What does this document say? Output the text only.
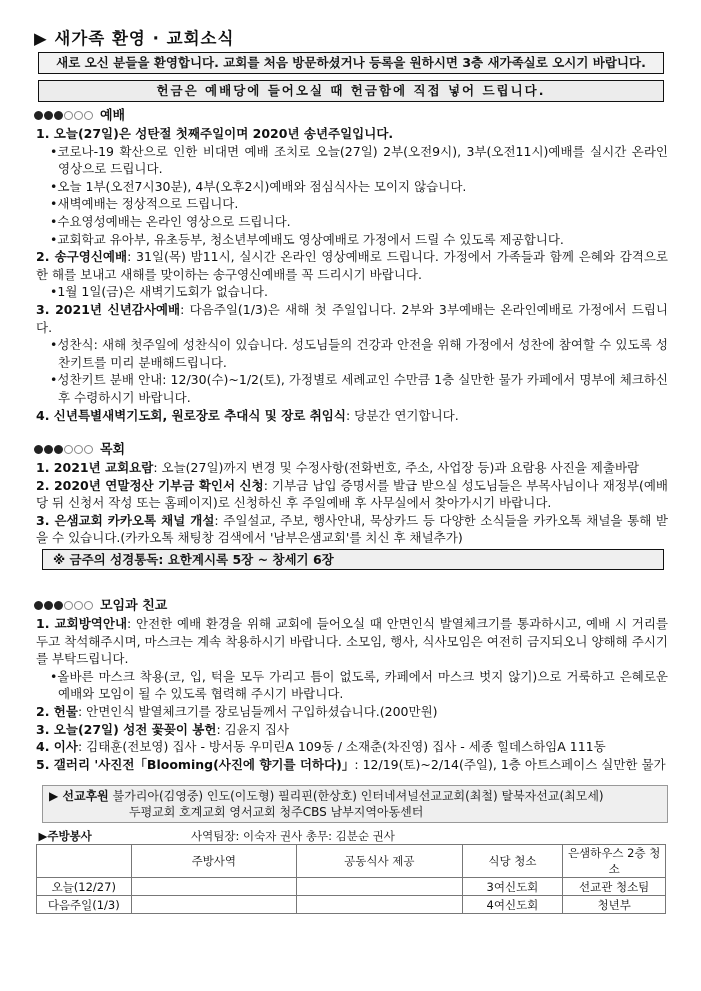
▶ 새가족 환영 · 교회소식
새로 오신 분들을 환영합니다. 교회를 처음 방문하셨거나 등록을 원하시면 3층 새가족실로 오시기 바랍니다.
헌금은 예배당에 들어오실 때 헌금함에 직접 넣어 드립니다.
예배
1. 오늘(27일)은 성탄절 첫째주일이며 2020년 송년주일입니다.
•코로나-19 확산으로 인한 비대면 예배 조치로 오늘(27일) 2부(오전9시), 3부(오전11시)예배를 실시간 온라인 영상으로 드립니다.
•오늘 1부(오전7시30분), 4부(오후2시)예배와 점심식사는 모이지 않습니다.
•새벽예배는 정상적으로 드립니다.
•수요영성예배는 온라인 영상으로 드립니다.
•교회학교 유아부, 유초등부, 청소년부예배도 영상예배로 가정에서 드릴 수 있도록 제공합니다.
2. 송구영신예배: 31일(목) 밤11시, 실시간 온라인 영상예배로 드립니다. 가정에서 가족들과 함께 은혜와 감격으로 한 해를 보내고 새해를 맞이하는 송구영신예배를 꼭 드리시기 바랍니다.
•1월 1일(금)은 새벽기도회가 없습니다.
3. 2021년 신년감사예배: 다음주일(1/3)은 새해 첫 주일입니다. 2부와 3부예배는 온라인예배로 가정에서 드립니다.
•성찬식: 새해 첫주일에 성찬식이 있습니다. 성도님들의 건강과 안전을 위해 가정에서 성찬에 참여할 수 있도록 성찬키트를 미리 분배해드립니다.
•성찬키트 분배 안내: 12/30(수)~1/2(토), 가정별로 세례교인 수만큼 1층 실만한 물가 카페에서 명부에 체크하신 후 수령하시기 바랍니다.
4. 신년특별새벽기도회, 원로장로 추대식 및 장로 취임식: 당분간 연기합니다.
목회
1. 2021년 교회요람: 오늘(27일)까지 변경 및 수정사항(전화번호, 주소, 사업장 등)과 요람용 사진을 제출바람
2. 2020년 연말정산 기부금 확인서 신청: 기부금 납입 증명서를 발급 받으실 성도님들은 부목사님이나 재정부(예배당 뒤 신청서 작성 또는 홈페이지)로 신청하신 후 주일예배 후 사무실에서 찾아가시기 바랍니다.
3. 은샘교회 카카오톡 채널 개설: 주일설교, 주보, 행사안내, 묵상카드 등 다양한 소식들을 카카오톡 채널을 통해 받을 수 있습니다.(카카오톡 채팅창 검색에서 '남부은샘교회'를 치신 후 채널추가)
※ 금주의 성경통독: 요한계시록 5장 ~ 창세기 6장
모임과 친교
1. 교회방역안내: 안전한 예배 환경을 위해 교회에 들어오실 때 안면인식 발열체크기를 통과하시고, 예배 시 거리를 두고 착석해주시며, 마스크는 계속 착용하시기 바랍니다. 소모임, 행사, 식사모임은 여전히 금지되오니 양해해 주시기를 부탁드립니다.
•올바른 마스크 착용(코, 입, 턱을 모두 가리고 틈이 없도록, 카페에서 마스크 벗지 않기)으로 거룩하고 은혜로운 예배와 모임이 될 수 있도록 협력해 주시기 바랍니다.
2. 헌물: 안면인식 발열체크기를 장로님들께서 구입하셨습니다.(200만원)
3. 오늘(27일) 성전 꽃꽂이 봉헌: 김윤지 집사
4. 이사: 김태훈(전보영) 집사 - 방서동 우미린A 109동 / 소재춘(차진영) 집사 - 세종 힐데스하임A 111동
5. 갤러리 '사진전「Blooming(사진에 향기를 더하다)」: 12/19(토)~2/14(주일), 1층 아트스페이스 실만한 물가
▶ 선교후원 불가리아(김영중) 인도(이도형) 필리핀(한상호) 인터네셔널선교교회(최철) 탈북자선교(최모세)
두평교회 호계교회 영서교회 청주CBS 남부지역아동센터
▶주방봉사	사역팀장: 이숙자 권사 총무: 김분순 권사			
	주방사역	공동식사 제공	식당 청소	은샘하우스 2층 청소
오늘(12/27)			3여신도회	선교관 청소팀
다음주일(1/3)			4여신도회	청년부
